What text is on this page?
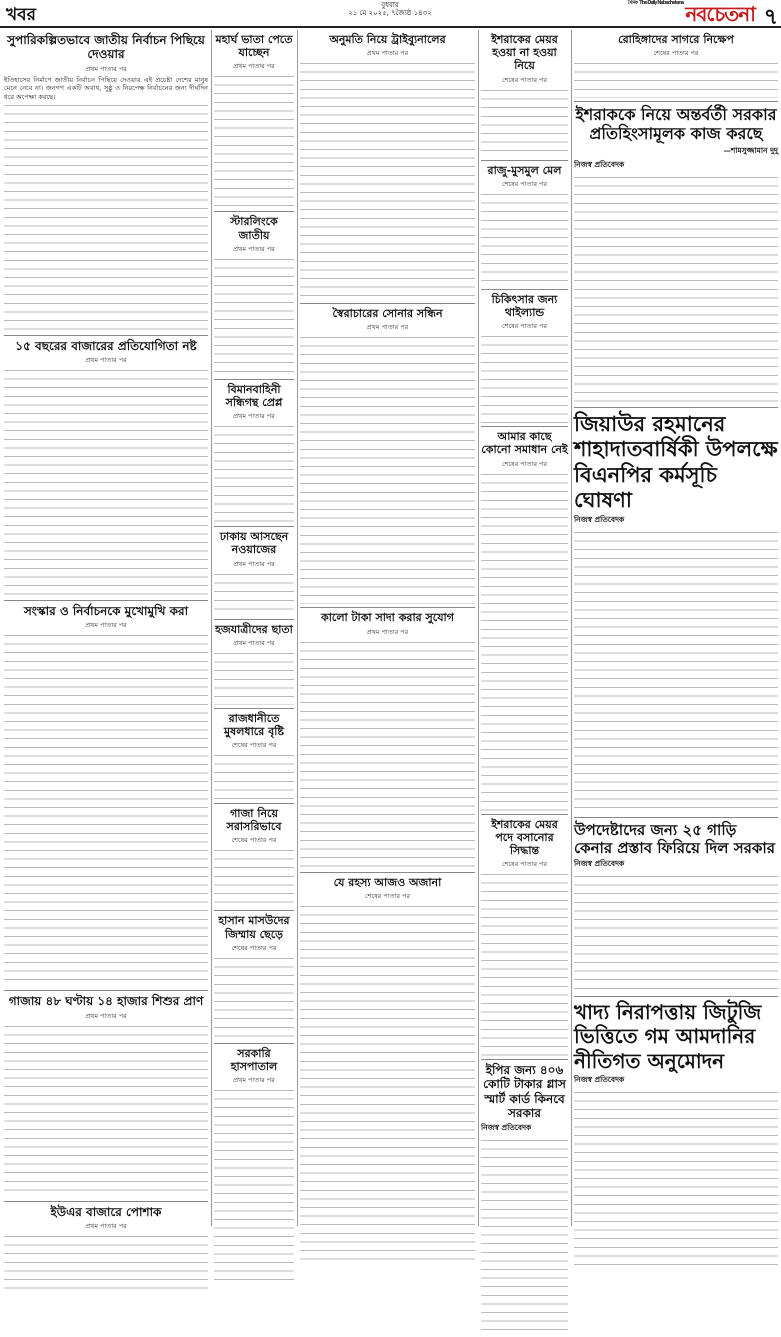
খবর	বুধবার
২১ মে ২০২৫, ৭জ্যৈষ্ঠ ১৪৩২
$^{দৈনিক}$ $^{The Daily Nabachetana}$ নবচেতনা ৭
সুপারিকল্পিতভাবে জাতীয় নির্বাচন পিছিয়ে দেওয়ার
প্রথম পাতার পর

ইতিহাসের নির্মাণে জাতীয় নির্বাচন পিছিয়ে দেওয়ার এই প্রচেষ্টা দেশের মানুষ মেনে নেবে না। জনগণ একটি অবাধ, সুষ্ঠু ও নিরপেক্ষ নির্বাচনের জন্য দীর্ঘদিন ধরে অপেক্ষা করছে।

১৫ বছরের বাজারের প্রতিযোগিতা নষ্ট
প্রথম পাতার পর
সংস্কার ও নির্বাচনকে মুখোমুখি করা
প্রথম পাতার পর
গাজায় ৪৮ ঘণ্টায় ১৪ হাজার শিশুর প্রাণ
প্রথম পাতার পর
ইউএর বাজারে পোশাক
প্রথম পাতার পর
মহার্ঘ ভাতা পেতে যাচ্ছেন
প্রথম পাতার পর
স্টারলিংকে জাতীয়
প্রথম পাতার পর
বিমানবাহিনী সন্ধিগন্থ প্রেপ্ল
প্রথম পাতার পর
ঢাকায় আসছেন নওয়াজের
প্রথম পাতার পর
হজযাত্রীদের ছাতা
প্রথম পাতার পর
রাজধানীতে মুষলধারে বৃষ্টি
শেষের পাতার পর
গাজা নিয়ে সরাসরিভাবে
শেষের পাতার পর
হাসান মাসউদের জিম্মায় ছেড়ে
শেষের পাতার পর
সরকারি হাসপাতাল
প্রথম পাতার পর
অনুমতি নিয়ে ট্রাইব্যুনালের
প্রথম পাতার পর
স্বৈরাচারের সোনার সন্ধিন
প্রথম পাতার পর
কালো টাকা সাদা করার সুযোগ
প্রথম পাতার পর
যে রহস্য আজও অজানা
শেষের পাতার পর
ইশরাকের মেয়র হওয়া না হওয়া নিয়ে
শেষের পাতার পর
রাজু-মুসমুল মেল
শেষের পাতার পর
চিকিৎসার জন্য থাইল্যান্ড
শেষের পাতার পর
আমার কাছে কোনো সমাধান নেই
শেষের পাতার পর
ইশরাকের মেয়র পদে বসানোর সিদ্ধান্ত
শেষের পাতার পর
ইপির জন্য ৪০৬ কোটি টাকার গ্লাস স্মার্ট কার্ড কিনবে সরকার
নিজস্ব প্রতিবেদক
রোহিঙ্গাদের সাগরে নিক্ষেপ
শেষের পাতার পর
ইশরাককে নিয়ে অন্তর্বর্তী সরকার প্রতিহিংসামূলক কাজ করছে
—শামসুজ্জামান দুদু
নিজস্ব প্রতিবেদক
জিয়াউর রহমানের শাহাদাতবার্ষিকী উপলক্ষে বিএনপির কর্মসূচি ঘোষণা
নিজস্ব প্রতিবেদক
উপদেষ্টাদের জন্য ২৫ গাড়ি কেনার প্রস্তাব ফিরিয়ে দিল সরকার
নিজস্ব প্রতিবেদক
খাদ্য নিরাপত্তায় জিটুজি ভিত্তিতে গম আমদানির নীতিগত অনুমোদন
নিজস্ব প্রতিবেদক
